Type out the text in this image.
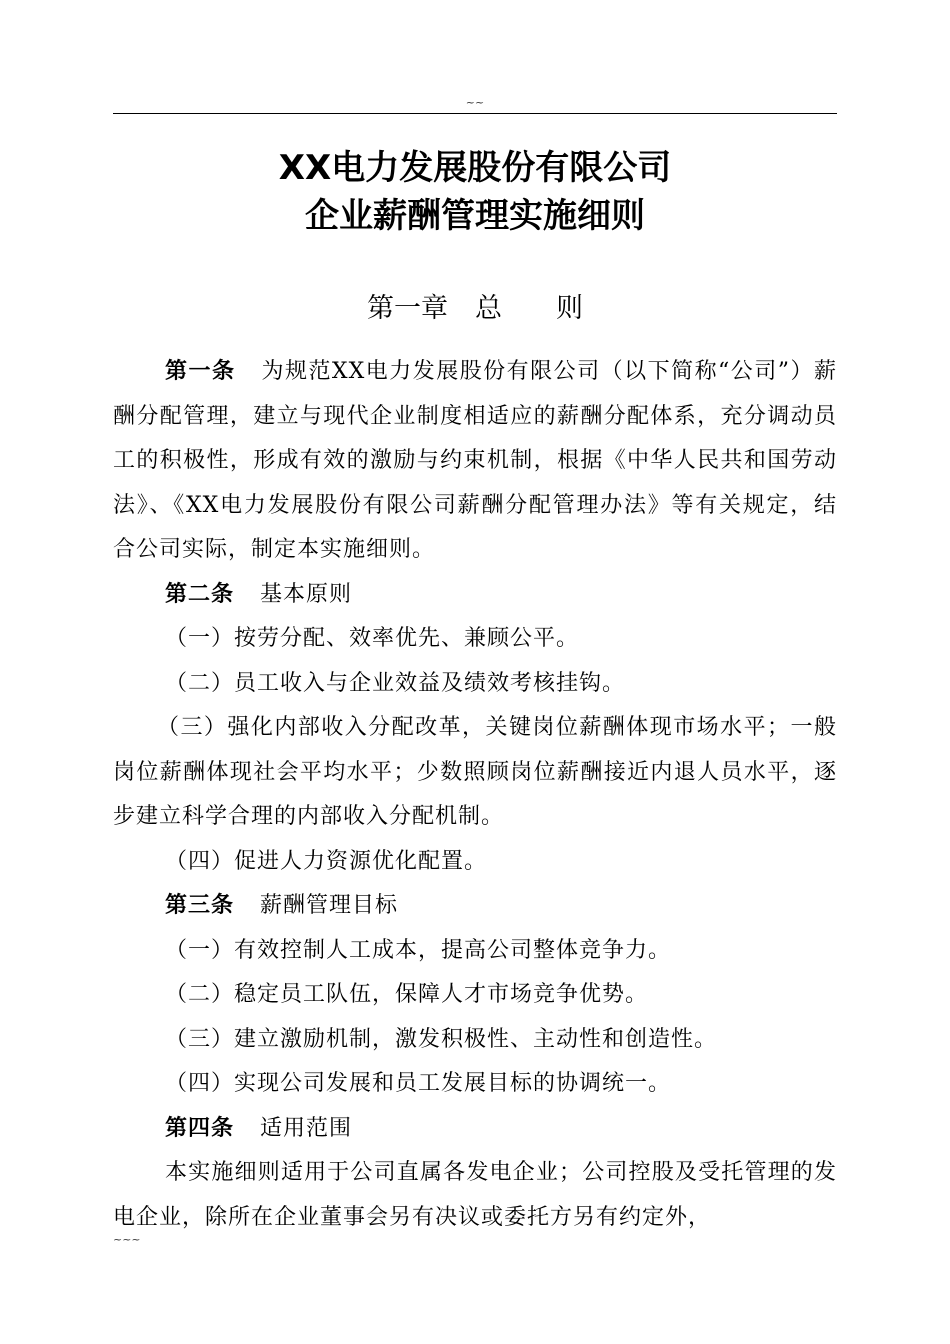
~~
XX电力发展股份有限公司
企业薪酬管理实施细则
第一章　总　　则

第一条 为规范XX电力发展股份有限公司（以下简称“公司”）薪酬分配管理，建立与现代企业制度相适应的薪酬分配体系，充分调动员工的积极性，形成有效的激励与约束机制，根据《中华人民共和国劳动法》、《XX电力发展股份有限公司薪酬分配管理办法》等有关规定，结合公司实际，制定本实施细则。

第二条 基本原则

（一）按劳分配、效率优先、兼顾公平。

（二）员工收入与企业效益及绩效考核挂钩。

（三）强化内部收入分配改革，关键岗位薪酬体现市场水平；一般岗位薪酬体现社会平均水平；少数照顾岗位薪酬接近内退人员水平，逐步建立科学合理的内部收入分配机制。

（四）促进人力资源优化配置。

第三条 薪酬管理目标

（一）有效控制人工成本，提高公司整体竞争力。

（二）稳定员工队伍，保障人才市场竞争优势。

（三）建立激励机制，激发积极性、主动性和创造性。

（四）实现公司发展和员工发展目标的协调统一。

第四条 适用范围

本实施细则适用于公司直属各发电企业；公司控股及受托管理的发电企业，除所在企业董事会另有决议或委托方另有约定外，

~~~
